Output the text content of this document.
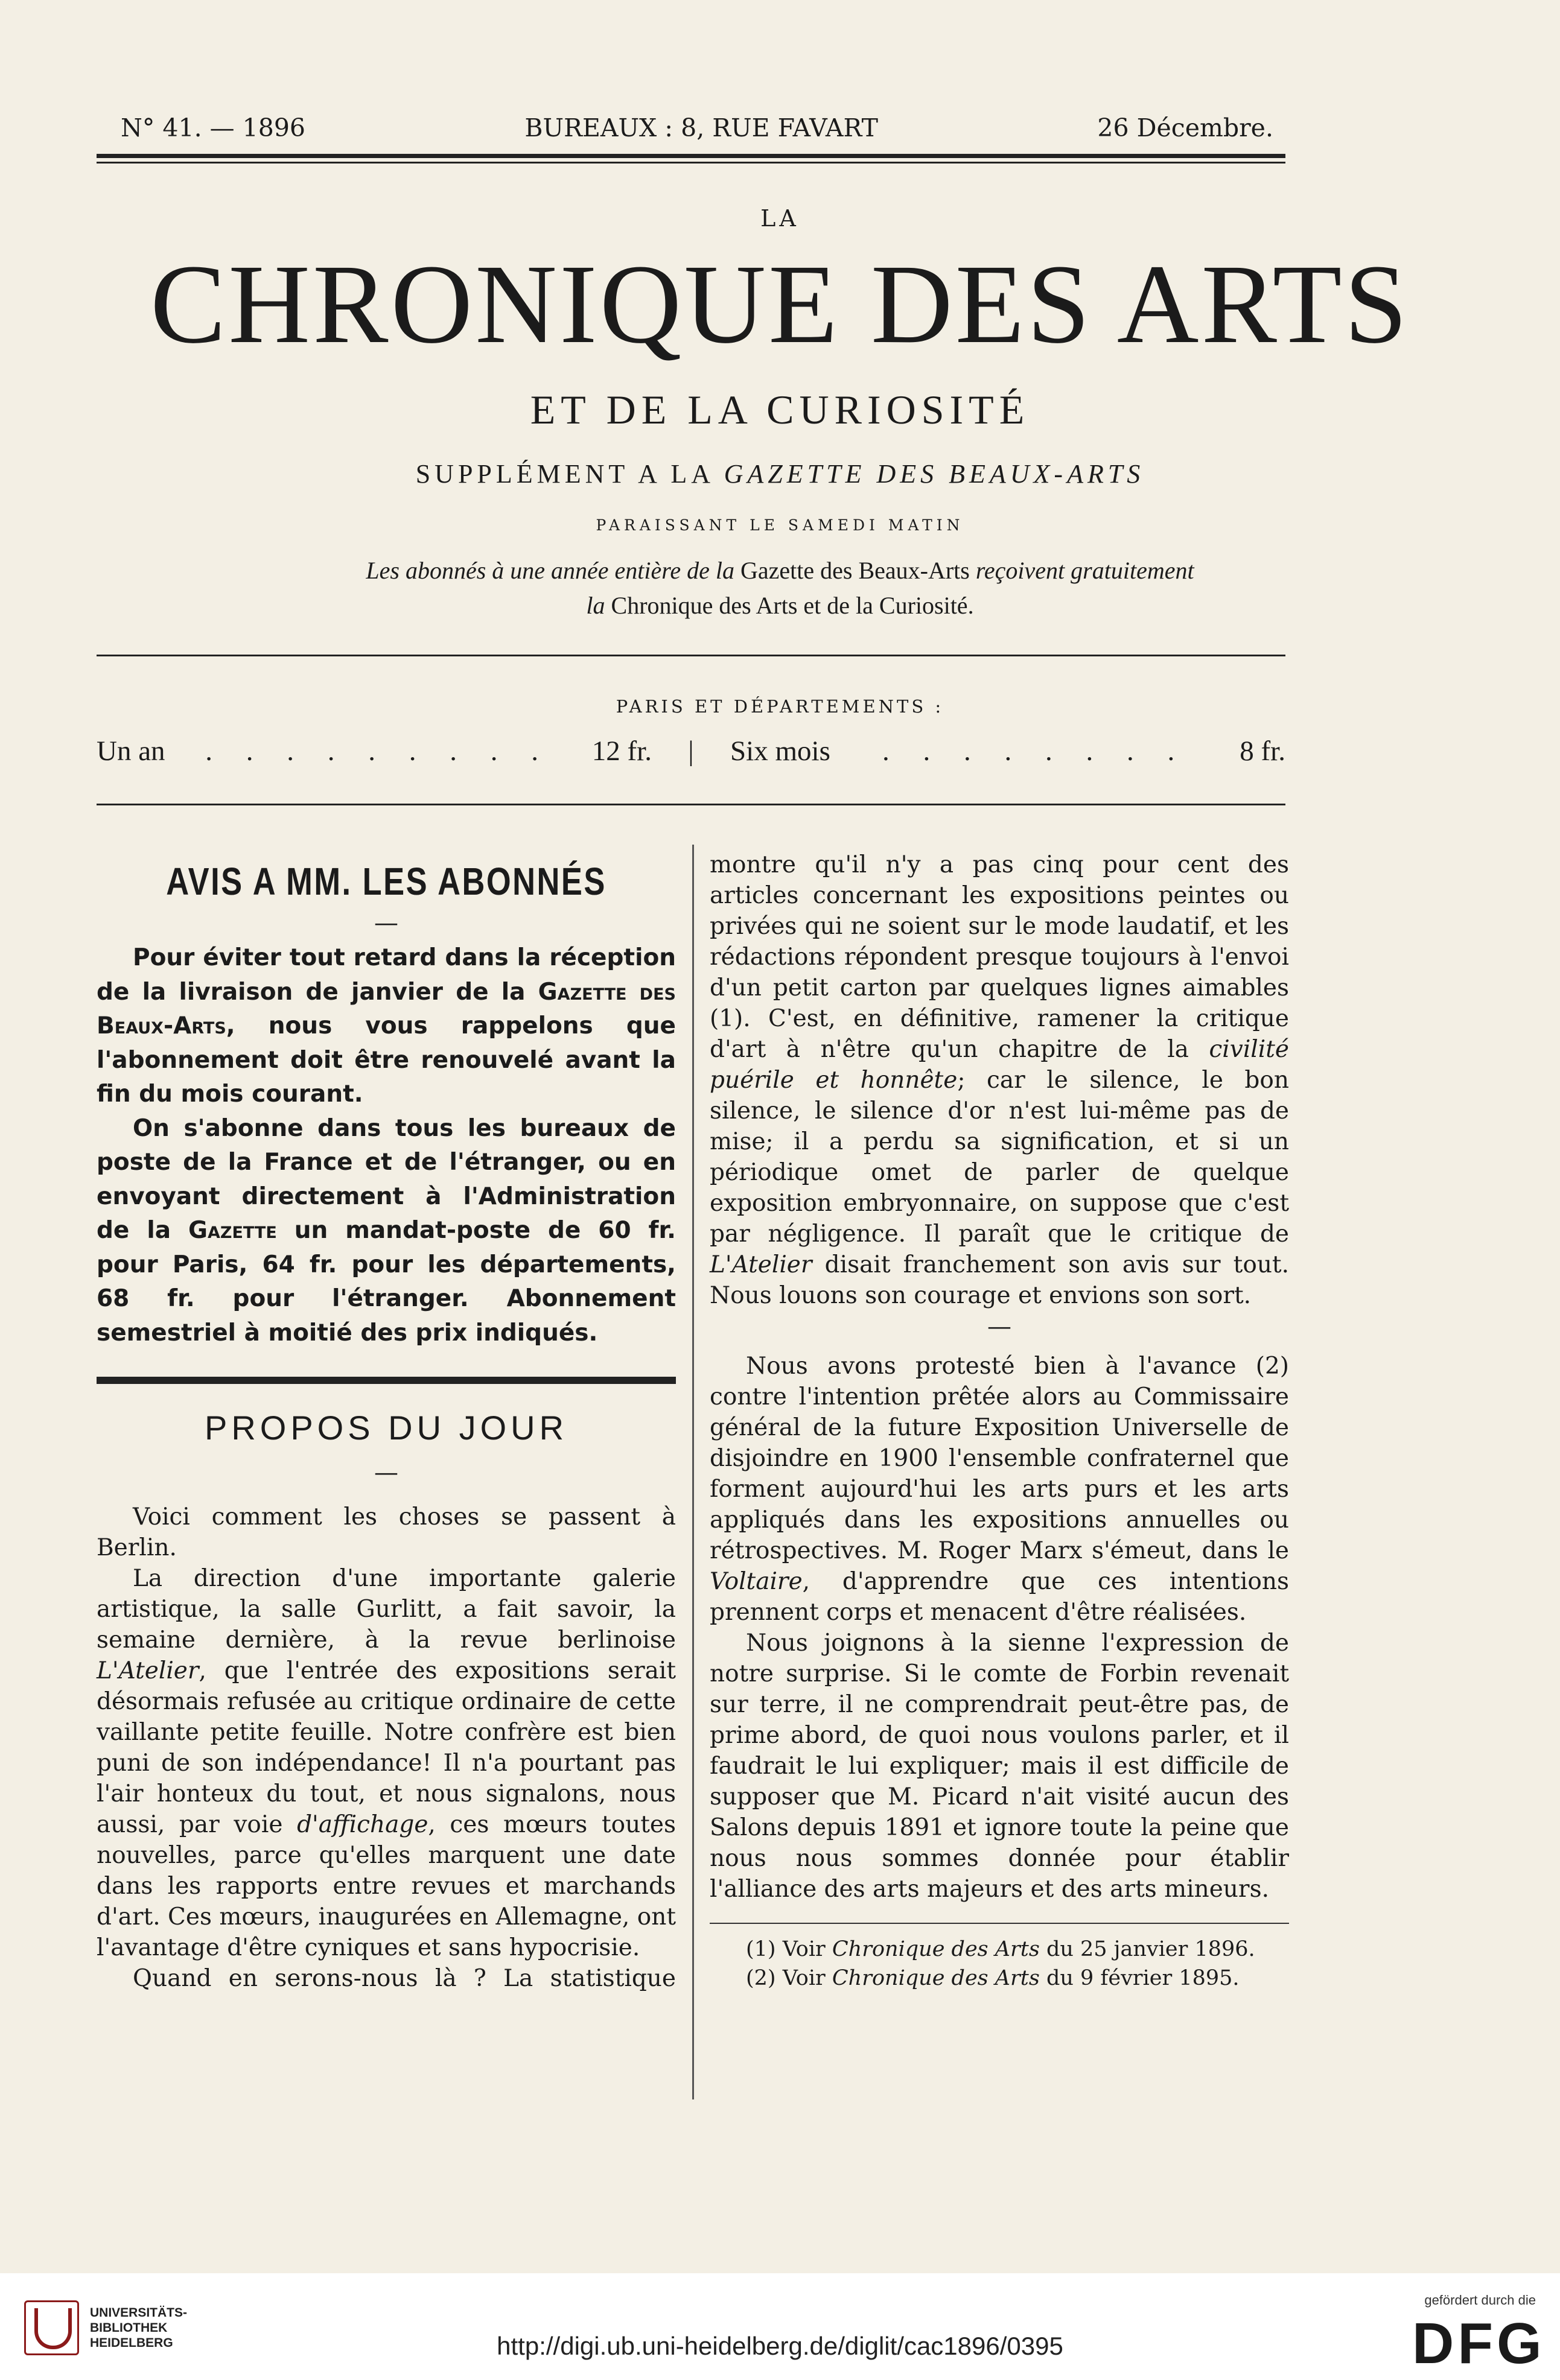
N° 41. — 1896	BUREAUX : 8, RUE FAVART	26 Décembre.
LA
CHRONIQUE DES ARTS
ET DE LA CURIOSITÉ
SUPPLÉMENT A LA GAZETTE DES BEAUX-ARTS
PARAISSANT LE SAMEDI MATIN
Les abonnés à une année entière de la Gazette des Beaux-Arts reçoivent gratuitement
la Chronique des Arts et de la Curiosité.
PARIS ET DÉPARTEMENTS :
Un an . . . . . . . . . 12 fr.	|	Six mois . . . . . . . . 8 fr.
AVIS A MM. LES ABONNÉS
—

Pour éviter tout retard dans la réception de la livraison de janvier de la Gazette des Beaux-Arts, nous vous rappelons que l'abonnement doit être renouvelé avant la fin du mois courant.

On s'abonne dans tous les bureaux de poste de la France et de l'étranger, ou en envoyant directement à l'Administration de la Gazette un mandat-poste de 60 fr. pour Paris, 64 fr. pour les départements, 68 fr. pour l'étranger. Abonnement semestriel à moitié des prix indiqués.

PROPOS DU JOUR
—

Voici comment les choses se passent à Berlin.

La direction d'une importante galerie artistique, la salle Gurlitt, a fait savoir, la semaine dernière, à la revue berlinoise L'Atelier, que l'entrée des expositions serait désormais refusée au critique ordinaire de cette vaillante petite feuille. Notre confrère est bien puni de son indépendance! Il n'a pourtant pas l'air honteux du tout, et nous signalons, nous aussi, par voie d'affichage, ces mœurs toutes nouvelles, parce qu'elles marquent une date dans les rapports entre revues et marchands d'art. Ces mœurs, inaugurées en Allemagne, ont l'avantage d'être cyniques et sans hypocrisie.

Quand en serons-nous là ? La statistique

montre qu'il n'y a pas cinq pour cent des articles concernant les expositions peintes ou privées qui ne soient sur le mode laudatif, et les rédactions répondent presque toujours à l'envoi d'un petit carton par quelques lignes aimables (1). C'est, en définitive, ramener la critique d'art à n'être qu'un chapitre de la civilité puérile et honnête; car le silence, le bon silence, le silence d'or n'est lui-même pas de mise; il a perdu sa signification, et si un périodique omet de parler de quelque exposition embryonnaire, on suppose que c'est par négligence. Il paraît que le critique de L'Atelier disait franchement son avis sur tout. Nous louons son courage et envions son sort.

—

Nous avons protesté bien à l'avance (2) contre l'intention prêtée alors au Commissaire général de la future Exposition Universelle de disjoindre en 1900 l'ensemble confraternel que forment aujourd'hui les arts purs et les arts appliqués dans les expositions annuelles ou rétrospectives. M. Roger Marx s'émeut, dans le Voltaire, d'apprendre que ces intentions prennent corps et menacent d'être réalisées.

Nous joignons à la sienne l'expression de notre surprise. Si le comte de Forbin revenait sur terre, il ne comprendrait peut-être pas, de prime abord, de quoi nous voulons parler, et il faudrait le lui expliquer; mais il est difficile de supposer que M. Picard n'ait visité aucun des Salons depuis 1891 et ignore toute la peine que nous nous sommes donnée pour établir l'alliance des arts majeurs et des arts mineurs.

(1) Voir Chronique des Arts du 25 janvier 1896.
(2) Voir Chronique des Arts du 9 février 1895.
UNIVERSITÄTS-
BIBLIOTHEK
HEIDELBERG	http://digi.ub.uni-heidelberg.de/diglit/cac1896/0395
gefördert durch die
DFG
